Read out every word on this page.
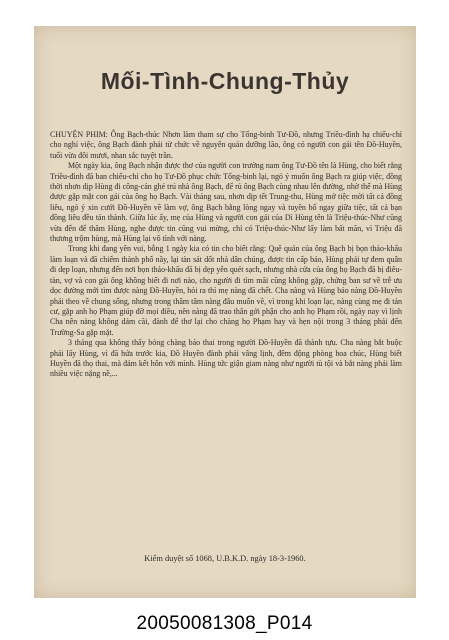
Mối-Tình-Chung-Thủy

CHUYỆN PHIM: Ông Bạch-thúc Nhơn làm tham sự cho Tổng-binh Tư-Đồ, nhưng Triều-đình hạ chiếu-chỉ cho nghỉ việc, ông Bạch đành phải từ chức về nguyên quán dưỡng lão, ông có người con gái tên Đồ-Huyền, tuổi vừa đôi mươi, nhan sắc tuyệt trần.

Một ngày kia, ông Bạch nhận được thơ của người con trưởng nam ông Tư-Đồ tên là Hùng, cho biết rằng Triều-đình đã ban chiếu-chỉ cho họ Tư-Đồ phục chức Tổng-binh lại, ngỏ ý muốn ông Bạch ra giúp việc, đồng thời nhơn dịp Hùng đi công-cán ghé trú nhà ông Bạch, để rủ ông Bạch cùng nhau lên đường, nhờ thế mà Hùng được gặp mặt con gái của ông họ Bạch. Vài tháng sau, nhơn dịp tết Trung-thu, Hùng mở tiệc mời tất cả đồng liêu, ngỏ ý xin cưới Đồ-Huyền về làm vợ, ông Bạch bằng lòng ngay và tuyên bố ngay giữa tiệc, tất cả bạn đồng liêu đều tán thành. Giữa lúc ấy, mẹ của Hùng và người con gái của Dì Hùng tên là Triệu-thúc-Như cũng vừa đến để thăm Hùng, nghe được tin cũng vui mừng, chỉ có Triệu-thúc-Như lấy làm bất mãn, vì Triệu đã thương trộm hùng, mà Hùng lại vô tình với nàng.

Trong khi đang yên vui, bỗng 1 ngày kia có tin cho biết rằng: Quê quán của ông Bạch bị bọn thảo-khấu làm loạn và đã chiếm thành phố nầy, lại tàn sát dốt nhà dân chúng, được tin cấp báo, Hùng phải tự đem quân đi dẹp loạn, nhưng đến nơi bọn thảo-khấu đã bị dẹp yên quét sạch, nhưng nhà cửa của ông họ Bạch đã bị điêu-tàn, vợ và con gái ông không biết đi nơi nào, cho người đi tìm mãi cũng không gặp, chứng ban sư về trễ ưu dọc đường mới tìm được nàng Đồ-Huyền, hỏi ra thì mẹ nàng đã chết. Cha nàng và Hùng bảo nàng Đồ-Huyền phải theo về chung sống, nhưng trong thâm tâm nàng đâu muốn về, vì trong khi loạn lạc, nàng cùng mẹ đi tản cư, gặp anh họ Phạm giúp đỡ mọi điều, nên nàng đã trao thân gởi phận cho anh họ Phạm rồi, ngày nay vì lịnh Cha nên nàng không dám cãi, đành để thơ lại cho chàng họ Phạm hay và hẹn nội trong 3 tháng phải đến Trường-Sa gặp mặt.

3 tháng qua không thấy bóng chàng báo thai trong người Đồ-Huyền đã thành tựu. Cha nàng bắt buộc phải lấy Hùng, vì đã hứa trước kia, Đồ Huyền đành phải vâng lịnh, đêm động phòng hoa chúc, Hùng biết Huyền đã thọ thai, mà đám kết hôn với mình. Hùng tức giận giam nàng như người tù tội và bắt nàng phải làm nhiều việc nặng nề,...

Kiểm duyệt số 1068, U.B.K.D. ngày 18-3-1960.
20050081308_P014
